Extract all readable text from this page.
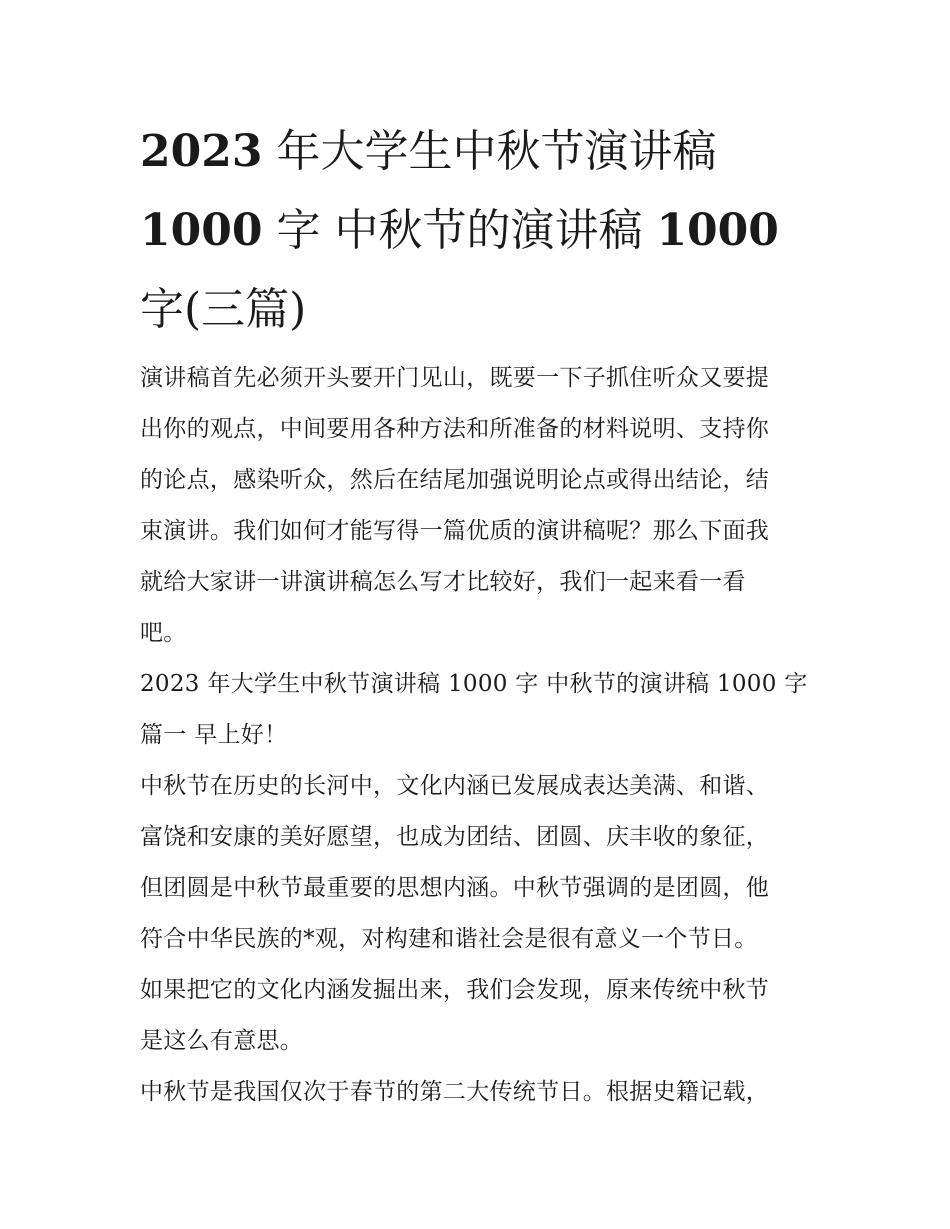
2023 年大学生中秋节演讲稿
1000 字 中秋节的演讲稿 1000
字(三篇)
演讲稿首先必须开头要开门见山，既要一下子抓住听众又要提
出你的观点，中间要用各种方法和所准备的材料说明、支持你
的论点，感染听众，然后在结尾加强说明论点或得出结论，结
束演讲。我们如何才能写得一篇优质的演讲稿呢？那么下面我
就给大家讲一讲演讲稿怎么写才比较好，我们一起来看一看
吧。
2023 年大学生中秋节演讲稿 1000 字 中秋节的演讲稿 1000 字
篇一 早上好！
中秋节在历史的长河中，文化内涵已发展成表达美满、和谐、
富饶和安康的美好愿望，也成为团结、团圆、庆丰收的象征，
但团圆是中秋节最重要的思想内涵。中秋节强调的是团圆，他
符合中华民族的*观，对构建和谐社会是很有意义一个节日。
如果把它的文化内涵发掘出来，我们会发现，原来传统中秋节
是这么有意思。
中秋节是我国仅次于春节的第二大传统节日。根据史籍记载，
